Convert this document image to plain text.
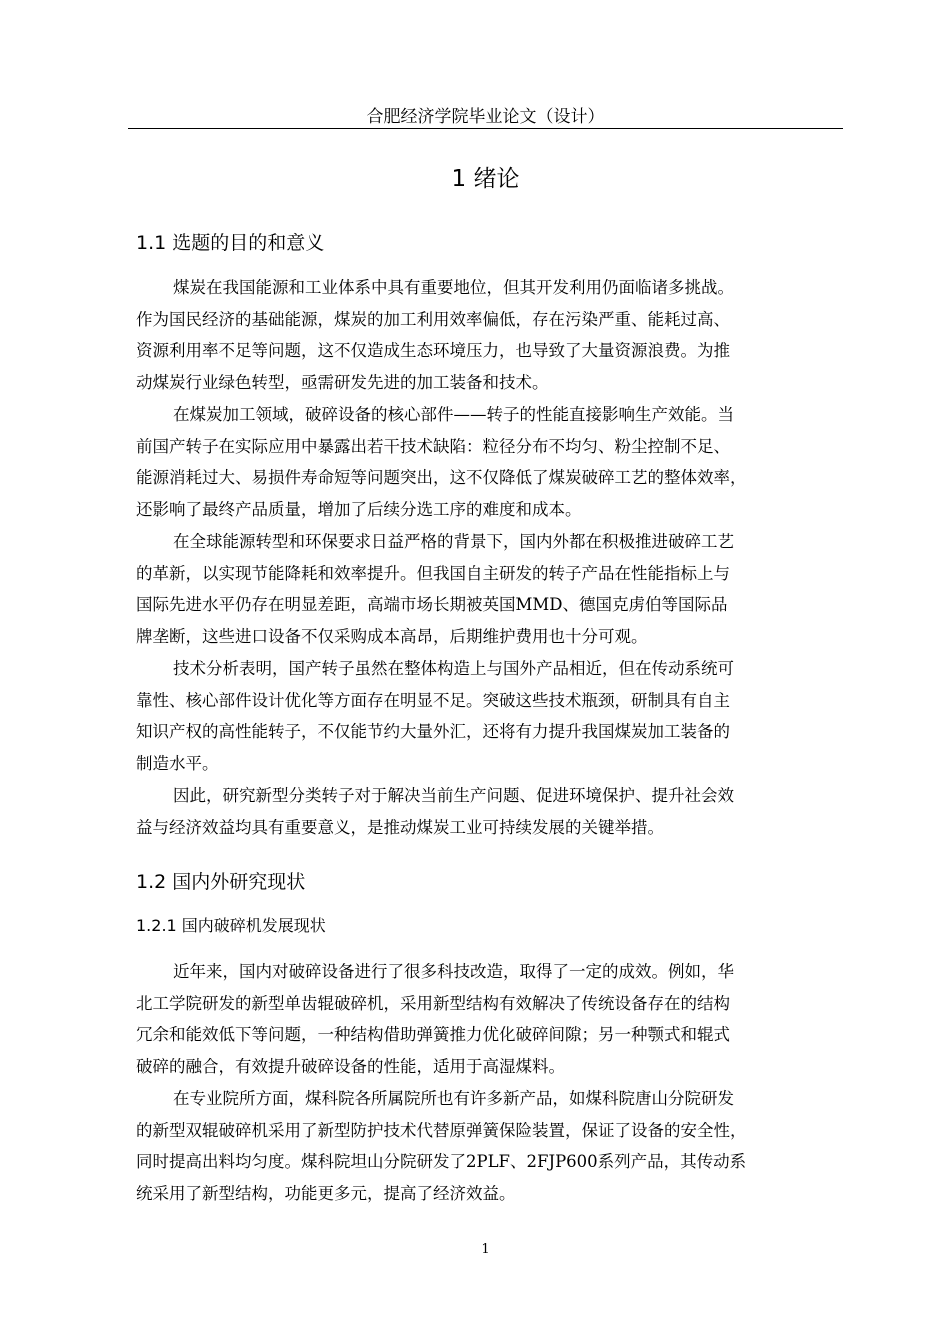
合肥经济学院毕业论文（设计）
1 绪论
1.1 选题的目的和意义
煤炭在我国能源和工业体系中具有重要地位，但其开发利用仍面临诸多挑战。
作为国民经济的基础能源，煤炭的加工利用效率偏低，存在污染严重、能耗过高、
资源利用率不足等问题，这不仅造成生态环境压力，也导致了大量资源浪费。为推
动煤炭行业绿色转型，亟需研发先进的加工装备和技术。
在煤炭加工领域，破碎设备的核心部件——转子的性能直接影响生产效能。当
前国产转子在实际应用中暴露出若干技术缺陷：粒径分布不均匀、粉尘控制不足、
能源消耗过大、易损件寿命短等问题突出，这不仅降低了煤炭破碎工艺的整体效率，
还影响了最终产品质量，增加了后续分选工序的难度和成本。
在全球能源转型和环保要求日益严格的背景下，国内外都在积极推进破碎工艺
的革新，以实现节能降耗和效率提升。但我国自主研发的转子产品在性能指标上与
国际先进水平仍存在明显差距，高端市场长期被英国MMD、德国克虏伯等国际品
牌垄断，这些进口设备不仅采购成本高昂，后期维护费用也十分可观。
技术分析表明，国产转子虽然在整体构造上与国外产品相近，但在传动系统可
靠性、核心部件设计优化等方面存在明显不足。突破这些技术瓶颈，研制具有自主
知识产权的高性能转子，不仅能节约大量外汇，还将有力提升我国煤炭加工装备的
制造水平。
因此，研究新型分类转子对于解决当前生产问题、促进环境保护、提升社会效
益与经济效益均具有重要意义，是推动煤炭工业可持续发展的关键举措。
1.2 国内外研究现状
1.2.1 国内破碎机发展现状
近年来，国内对破碎设备进行了很多科技改造，取得了一定的成效。例如，华
北工学院研发的新型单齿辊破碎机，采用新型结构有效解决了传统设备存在的结构
冗余和能效低下等问题，一种结构借助弹簧推力优化破碎间隙；另一种颚式和辊式
破碎的融合，有效提升破碎设备的性能，适用于高湿煤料。
在专业院所方面，煤科院各所属院所也有许多新产品，如煤科院唐山分院研发
的新型双辊破碎机采用了新型防护技术代替原弹簧保险装置，保证了设备的安全性，
同时提高出料均匀度。煤科院坦山分院研发了2PLF、2FJP600系列产品，其传动系
统采用了新型结构，功能更多元，提高了经济效益。
1
